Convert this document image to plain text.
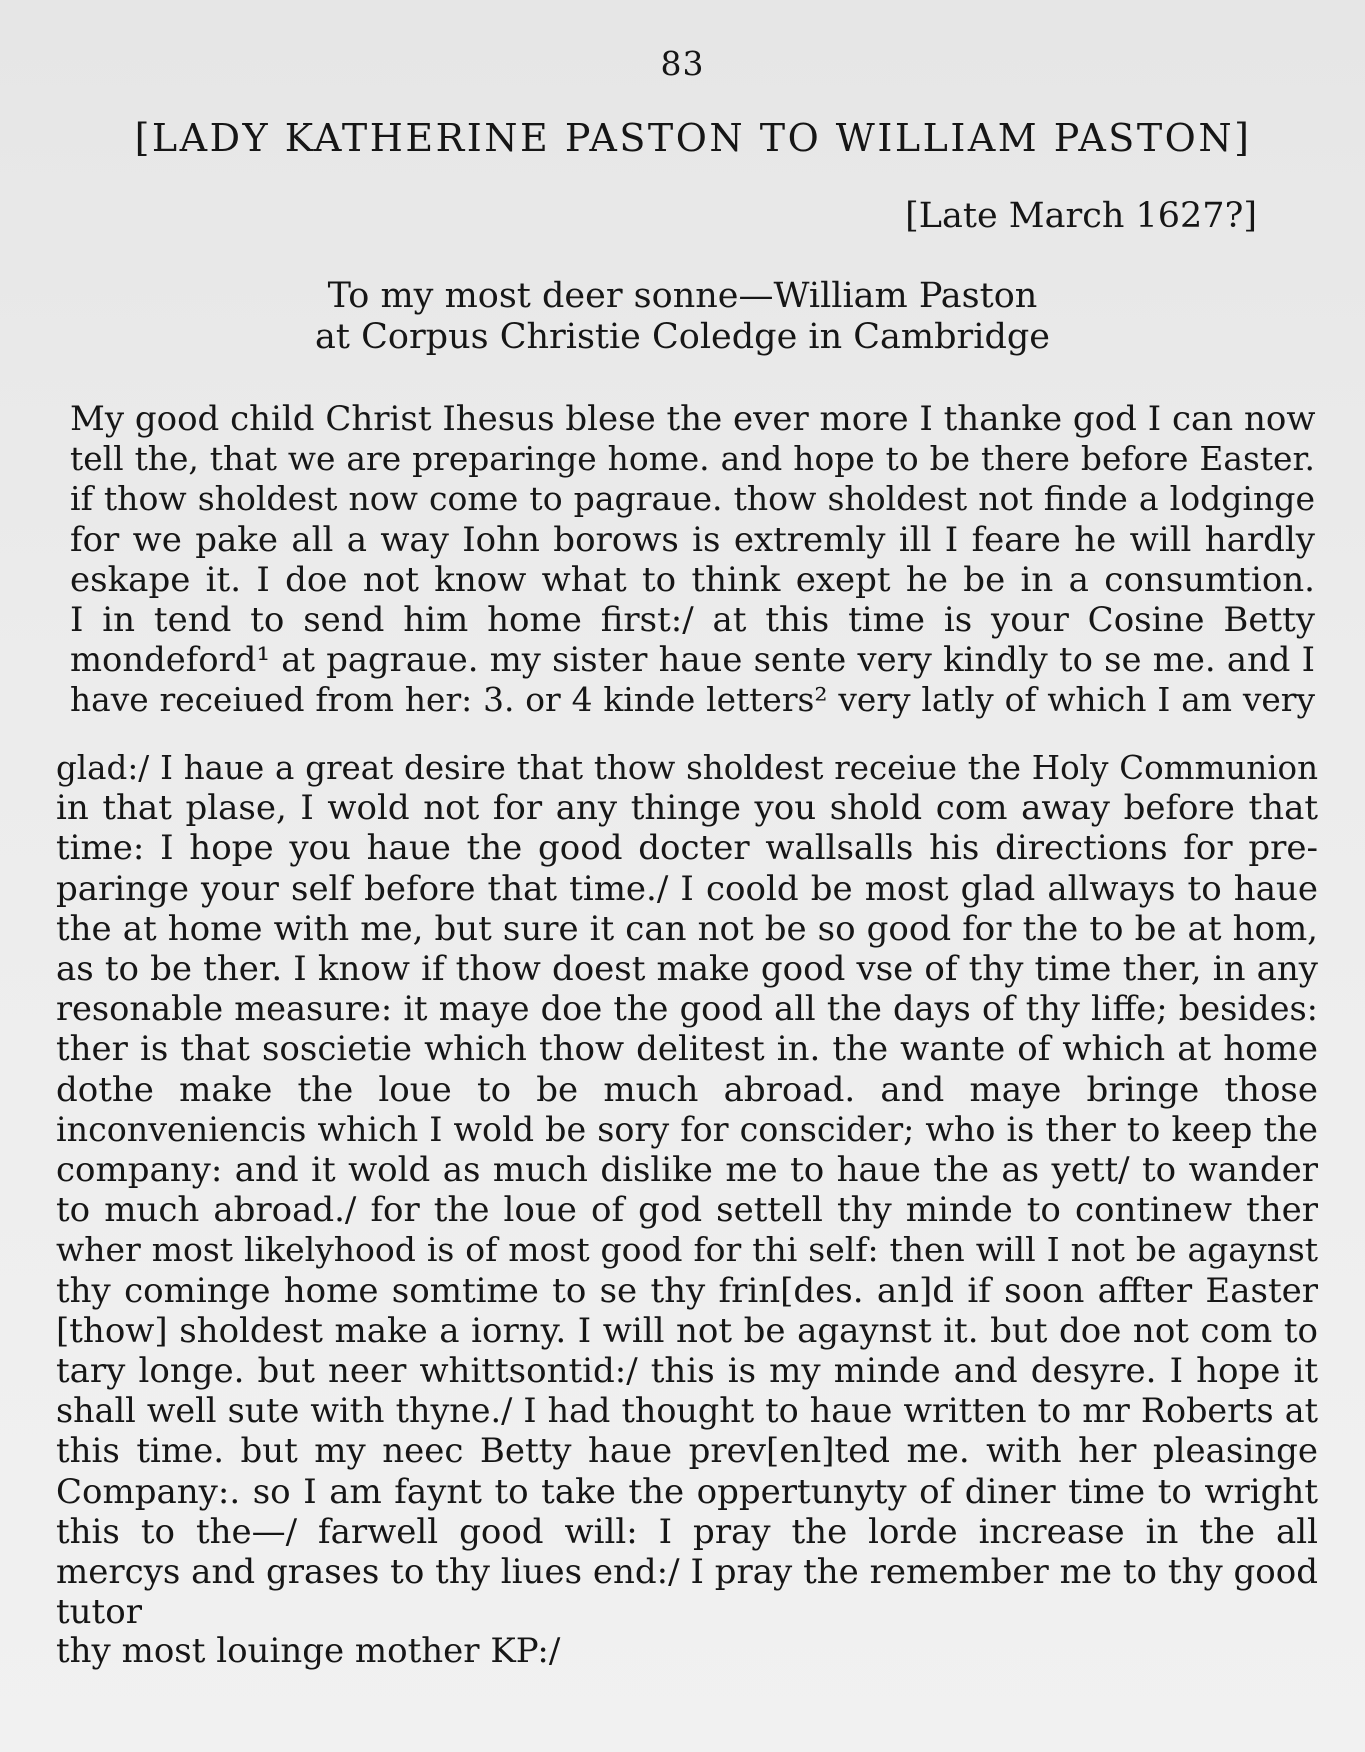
83
[LADY KATHERINE PASTON TO WILLIAM PASTON]
[Late March 1627?]
To my most deer sonne—William Paston
at Corpus Christie Coledge in Cambridge
My good child Christ Ihesus blese the ever more I thanke god I can now
tell the, that we are preparinge home. and hope to be there before Easter.
if thow sholdest now come to pagraue. thow sholdest not finde a lodginge
for we pake all a way Iohn borows is extremly ill I feare he will hardly
eskape it. I doe not know what to think exept he be in a consumtion.
I in tend to send him home first:/ at this time is your Cosine Betty
mondeford¹ at pagraue. my sister haue sente very kindly to se me. and I
have receiued from her: 3. or 4 kinde letters² very latly of which I am very
glad:/ I haue a great desire that thow sholdest receiue the Holy Communion
in that plase, I wold not for any thinge you shold com away before that
time: I hope you haue the good docter wallsalls his directions for pre-
paringe your self before that time./ I coold be most glad allways to haue
the at home with me, but sure it can not be so good for the to be at hom,
as to be ther. I know if thow doest make good vse of thy time ther, in any
resonable measure: it maye doe the good all the days of thy liffe; besides:
ther is that soscietie which thow delitest in. the wante of which at home
dothe make the loue to be much abroad. and maye bringe those
inconveniencis which I wold be sory for conscider; who is ther to keep the
company: and it wold as much dislike me to haue the as yett/ to wander
to much abroad./ for the loue of god settell thy minde to continew ther
wher most likelyhood is of most good for thi self: then will I not be agaynst
thy cominge home somtime to se thy frin[des. an]d if soon affter Easter
[thow] sholdest make a iorny. I will not be agaynst it. but doe not com to
tary longe. but neer whittsontid:/ this is my minde and desyre. I hope it
shall well sute with thyne./ I had thought to haue written to mr Roberts at
this time. but my neec Betty haue prev[en]ted me. with her pleasinge
Company:. so I am faynt to take the oppertunyty of diner time to wright
this to the—/ farwell good will: I pray the lorde increase in the all
mercys and grases to thy liues end:/ I pray the remember me to thy good
tutor
thy most louinge mother KP:/
